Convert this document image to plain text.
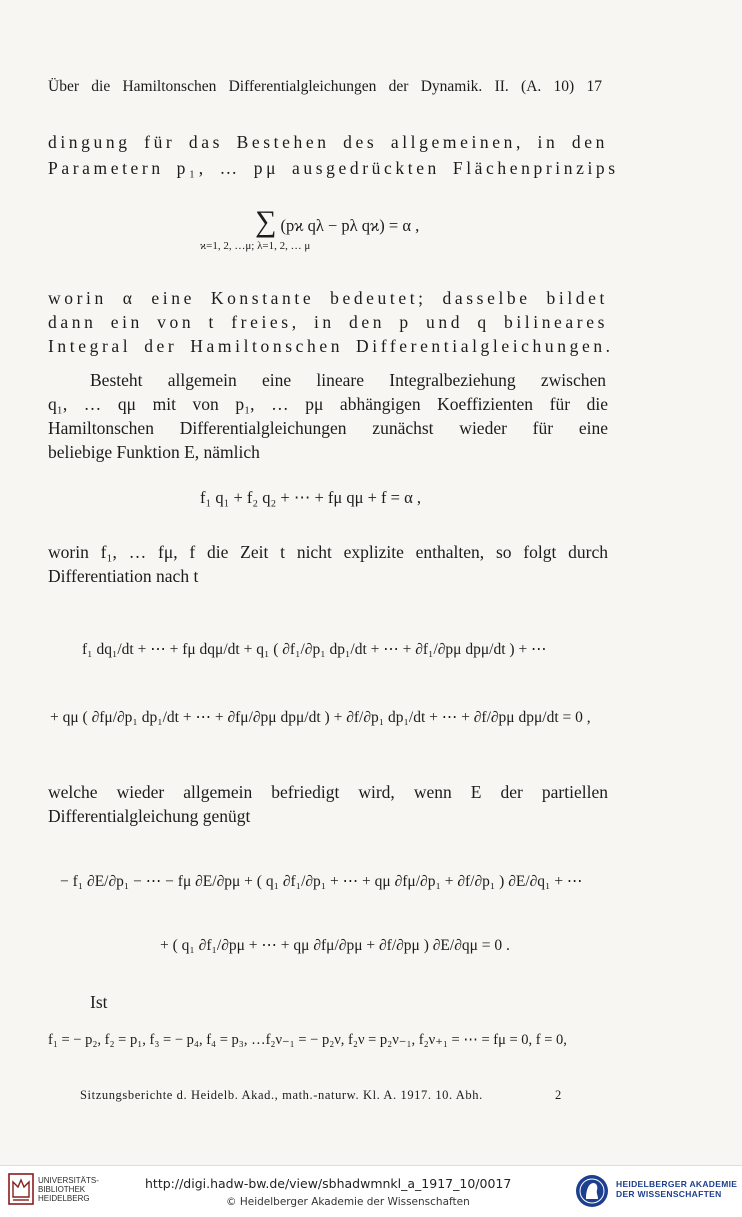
Über die Hamiltonschen Differentialgleichungen der Dynamik. II. (A. 10) 17
dingung für das Bestehen des allgemeinen, in den
Parametern p₁, … pμ ausgedrückten Flächenprinzips
∑ (pϰ qλ − pλ qϰ) = α ,
ϰ=1, 2, …μ; λ=1, 2, … μ
worin α eine Konstante bedeutet; dasselbe bildet
dann ein von t freies, in den p und q bilineares
Integral der Hamiltonschen Differentialgleichungen.
Besteht allgemein eine lineare Integralbeziehung zwischen
q₁, … qμ mit von p₁, … pμ abhängigen Koeffizienten für die
Hamiltonschen Differentialgleichungen zunächst wieder für eine
beliebige Funktion E, nämlich
f₁ q₁ + f₂ q₂ + ⋯ + fμ qμ + f = α ,
worin f₁, … fμ, f die Zeit t nicht explizite enthalten, so folgt durch
Differentiation nach t
f₁ dq₁/dt + ⋯ + fμ dqμ/dt + q₁ ( ∂f₁/∂p₁ dp₁/dt + ⋯ + ∂f₁/∂pμ dpμ/dt ) + ⋯
+ qμ ( ∂fμ/∂p₁ dp₁/dt + ⋯ + ∂fμ/∂pμ dpμ/dt ) + ∂f/∂p₁ dp₁/dt + ⋯ + ∂f/∂pμ dpμ/dt = 0 ,
welche wieder allgemein befriedigt wird, wenn E der partiellen
Differentialgleichung genügt
− f₁ ∂E/∂p₁ − ⋯ − fμ ∂E/∂pμ + ( q₁ ∂f₁/∂p₁ + ⋯ + qμ ∂fμ/∂p₁ + ∂f/∂p₁ ) ∂E/∂q₁ + ⋯
+ ( q₁ ∂f₁/∂pμ + ⋯ + qμ ∂fμ/∂pμ + ∂f/∂pμ ) ∂E/∂qμ = 0 .
Ist
f₁ = − p₂, f₂ = p₁, f₃ = − p₄, f₄ = p₃, …f₂ν₋₁ = − p₂ν, f₂ν = p₂ν₋₁, f₂ν₊₁ = ⋯ = fμ = 0, f = 0,
Sitzungsberichte d. Heidelb. Akad., math.-naturw. Kl. A. 1917. 10. Abh.	2
UNIVERSITÄTS-
BIBLIOTHEK
HEIDELBERG
http://digi.hadw-bw.de/view/sbhadwmnkl_a_1917_10/0017
© Heidelberger Akademie der Wissenschaften
HEIDELBERGER AKADEMIE
DER WISSENSCHAFTEN
